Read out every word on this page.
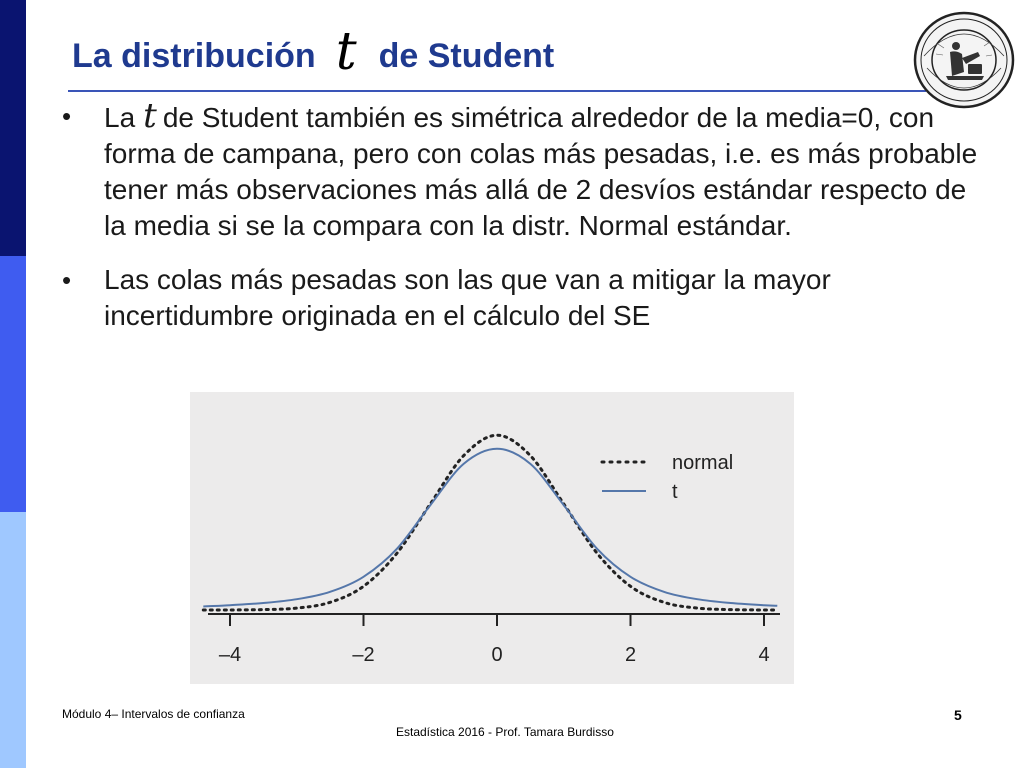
La distribución t de Student
• La t de Student también es simétrica alrededor de la media=0, con forma de campana, pero con colas más pesadas, i.e. es más probable tener más observaciones más allá de 2 desvíos estándar respecto de la media si se la compara con la distr. Normal estándar.
• Las colas más pesadas son las que van a mitigar la mayor incertidumbre originada en el cálculo del SE
–4	–2	0	2	4
normal
t
Módulo 4– Intervalos de confianza
Estadística 2016 - Prof. Tamara Burdisso
5
